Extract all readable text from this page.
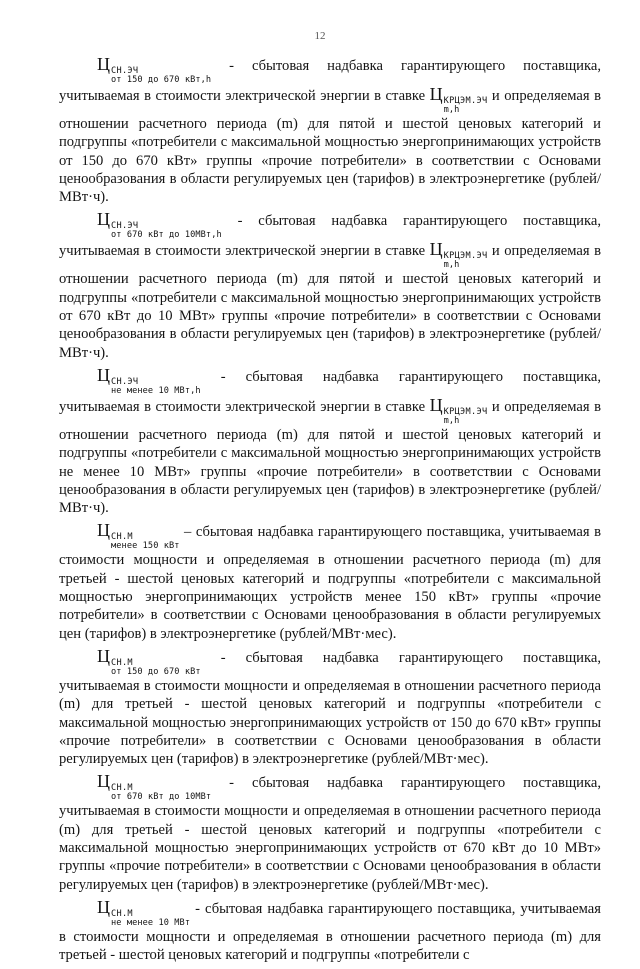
12

Ц СН.ЭЧ
от 150 до 670 кВт,h
- сбытовая надбавка гарантирующего поставщика, учитываемая в стоимости электрической энергии в ставке Ц КРЦЭМ.ЭЧ
m,h
и определяемая в отношении расчетного периода (m) для пятой и шестой ценовых категорий и подгруппы «потребители с максимальной мощностью энергопринимающих устройств от 150 до 670 кВт» группы «прочие потребители» в соответствии с Основами ценообразования в области регулируемых цен (тарифов) в электроэнергетике (рублей/МВт·ч).

Ц СН.ЭЧ
от 670 кВт до 10МВт,h
- сбытовая надбавка гарантирующего поставщика, учитываемая в стоимости электрической энергии в ставке Ц КРЦЭМ.ЭЧ
m,h
и определяемая в отношении расчетного периода (m) для пятой и шестой ценовых категорий и подгруппы «потребители с максимальной мощностью энергопринимающих устройств от 670 кВт до 10 МВт» группы «прочие потребители» в соответствии с Основами ценообразования в области регулируемых цен (тарифов) в электроэнергетике (рублей/МВт·ч).

Ц СН.ЭЧ
не менее 10 МВт,h
- сбытовая надбавка гарантирующего поставщика, учитываемая в стоимости электрической энергии в ставке Ц КРЦЭМ.ЭЧ
m,h
и определяемая в отношении расчетного периода (m) для пятой и шестой ценовых категорий и подгруппы «потребители с максимальной мощностью энергопринимающих устройств не менее 10 МВт» группы «прочие потребители» в соответствии с Основами ценообразования в области регулируемых цен (тарифов) в электроэнергетике (рублей/МВт·ч).

Ц СН.М
менее 150 кВт
– сбытовая надбавка гарантирующего поставщика, учитываемая в стоимости мощности и определяемая в отношении расчетного периода (m) для третьей - шестой ценовых категорий и подгруппы «потребители с максимальной мощностью энергопринимающих устройств менее 150 кВт» группы «прочие потребители» в соответствии с Основами ценообразования в области регулируемых цен (тарифов) в электроэнергетике (рублей/МВт·мес).

Ц СН.М
от 150 до 670 кВт
- сбытовая надбавка гарантирующего поставщика, учитываемая в стоимости мощности и определяемая в отношении расчетного периода (m) для третьей - шестой ценовых категорий и подгруппы «потребители с максимальной мощностью энергопринимающих устройств от 150 до 670 кВт» группы «прочие потребители» в соответствии с Основами ценообразования в области регулируемых цен (тарифов) в электроэнергетике (рублей/МВт·мес).

Ц СН.М
от 670 кВт до 10МВт
- сбытовая надбавка гарантирующего поставщика, учитываемая в стоимости мощности и определяемая в отношении расчетного периода (m) для третьей - шестой ценовых категорий и подгруппы «потребители с максимальной мощностью энергопринимающих устройств от 670 кВт до 10 МВт» группы «прочие потребители» в соответствии с Основами ценообразования в области регулируемых цен (тарифов) в электроэнергетике (рублей/МВт·мес).

Ц СН.М
не менее 10 МВт
- сбытовая надбавка гарантирующего поставщика, учитываемая в стоимости мощности и определяемая в отношении расчетного периода (m) для третьей - шестой ценовых категорий и подгруппы «потребители с
